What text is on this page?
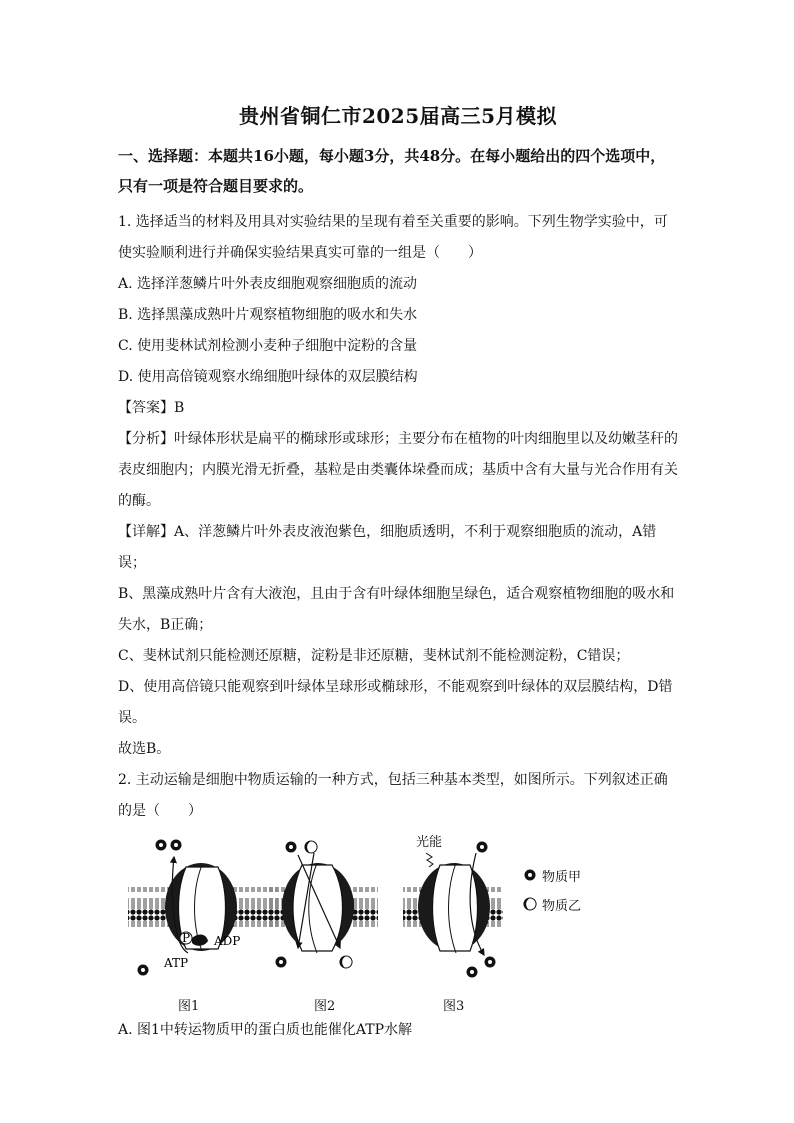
贵州省铜仁市2025届高三5月模拟
一、选择题：本题共16小题，每小题3分，共48分。在每小题给出的四个选项中，只有一项是符合题目要求的。

1. 选择适当的材料及用具对实验结果的呈现有着至关重要的影响。下列生物学实验中，可使实验顺利进行并确保实验结果真实可靠的一组是（　　）

A. 选择洋葱鳞片叶外表皮细胞观察细胞质的流动

B. 选择黑藻成熟叶片观察植物细胞的吸水和失水

C. 使用斐林试剂检测小麦种子细胞中淀粉的含量

D. 使用高倍镜观察水绵细胞叶绿体的双层膜结构

【答案】B

【分析】叶绿体形状是扁平的椭球形或球形；主要分布在植物的叶肉细胞里以及幼嫩茎秆的表皮细胞内；内膜光滑无折叠，基粒是由类囊体垛叠而成；基质中含有大量与光合作用有关的酶。

【详解】A、洋葱鳞片叶外表皮液泡紫色，细胞质透明，不利于观察细胞质的流动，A错误；

B、黑藻成熟叶片含有大液泡，且由于含有叶绿体细胞呈绿色，适合观察植物细胞的吸水和失水，B正确；

C、斐林试剂只能检测还原糖，淀粉是非还原糖，斐林试剂不能检测淀粉，C错误；

D、使用高倍镜只能观察到叶绿体呈球形或椭球形，不能观察到叶绿体的双层膜结构，D错误。

故选B。

2. 主动运输是细胞中物质运输的一种方式，包括三种基本类型，如图所示。下列叙述正确的是（　　）

P ADP
ATP
光能
图1	图2	图3
物质甲
物质乙

A. 图1中转运物质甲的蛋白质也能催化ATP水解
